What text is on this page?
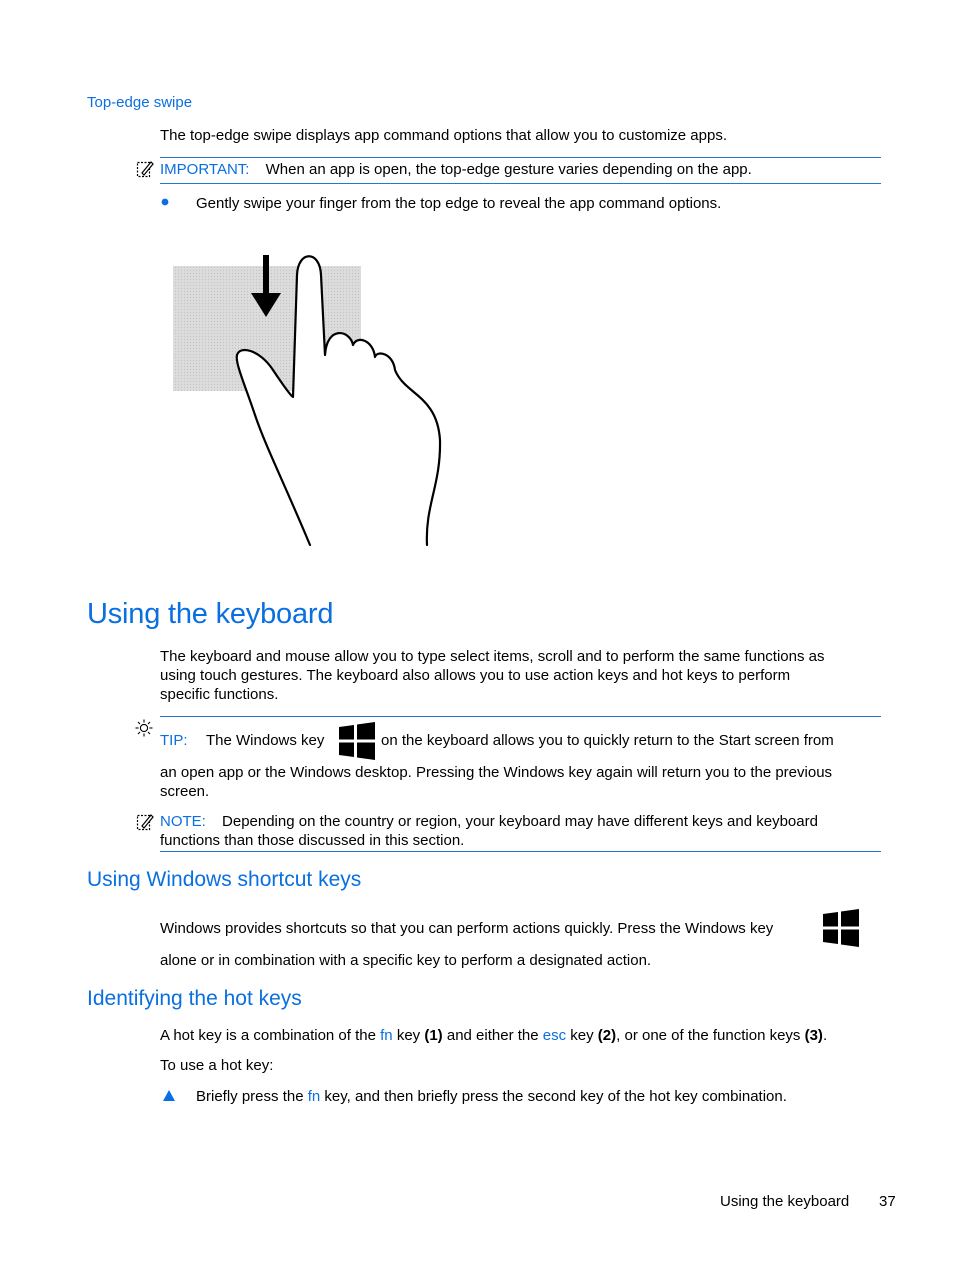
Top-edge swipe
The top-edge swipe displays app command options that allow you to customize apps.
IMPORTANT: When an app is open, the top-edge gesture varies depending on the app.
Gently swipe your finger from the top edge to reveal the app command options.
Using the keyboard
The keyboard and mouse allow you to type select items, scroll and to perform the same functions as
using touch gestures. The keyboard also allows you to use action keys and hot keys to perform
specific functions.
TIP: The Windows key	on the keyboard allows you to quickly return to the Start screen from
an open app or the Windows desktop. Pressing the Windows key again will return you to the previous
screen.
NOTE: Depending on the country or region, your keyboard may have different keys and keyboard
functions than those discussed in this section.
Using Windows shortcut keys
Windows provides shortcuts so that you can perform actions quickly. Press the Windows key
alone or in combination with a specific key to perform a designated action.
Identifying the hot keys
A hot key is a combination of the fn key (1) and either the esc key (2), or one of the function keys (3).
To use a hot key:
Briefly press the fn key, and then briefly press the second key of the hot key combination.
Using the keyboard 37
